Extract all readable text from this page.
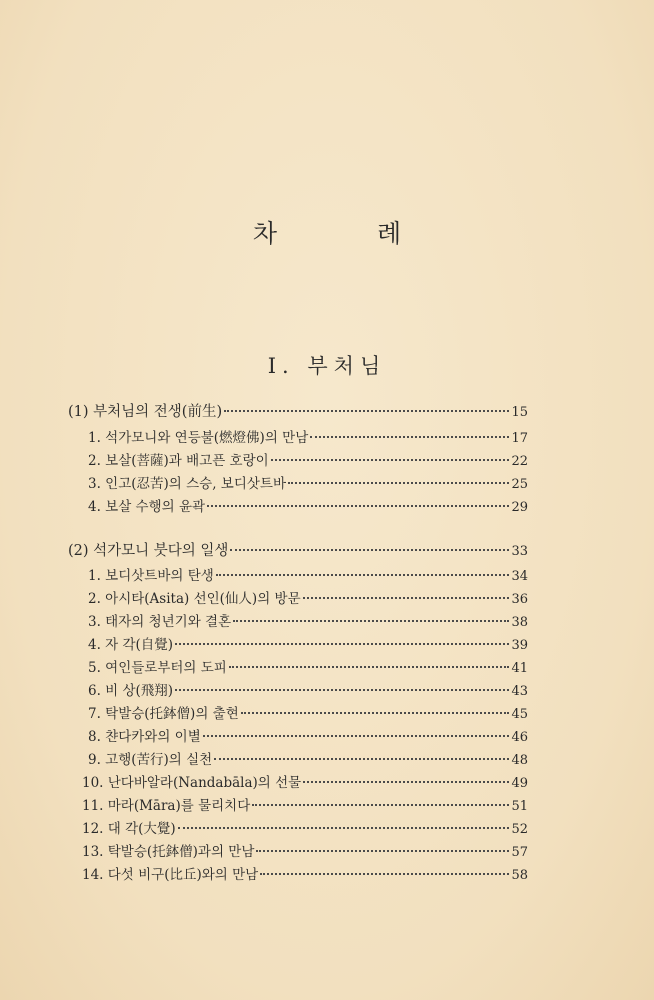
차 례
Ⅰ. 부처님
(1) 부처님의 전생(前生)	15
1. 석가모니와 연등불(燃燈佛)의 만남	17
2. 보살(菩薩)과 배고픈 호랑이	22
3. 인고(忍苦)의 스승, 보디삿트바	25
4. 보살 수행의 윤곽	29
(2) 석가모니 붓다의 일생	33
1. 보디삿트바의 탄생	34
2. 아시타(Asita) 선인(仙人)의 방문	36
3. 태자의 청년기와 결혼	38
4. 자 각(自覺)	39
5. 여인들로부터의 도피	41
6. 비 상(飛翔)	43
7. 탁발승(托鉢僧)의 출현	45
8. 챤다카와의 이별	46
9. 고행(苦行)의 실천	48
10. 난다바알라(Nandabāla)의 선물	49
11. 마라(Māra)를 물리치다	51
12. 대 각(大覺)	52
13. 탁발승(托鉢僧)과의 만남	57
14. 다섯 비구(比丘)와의 만남	58
